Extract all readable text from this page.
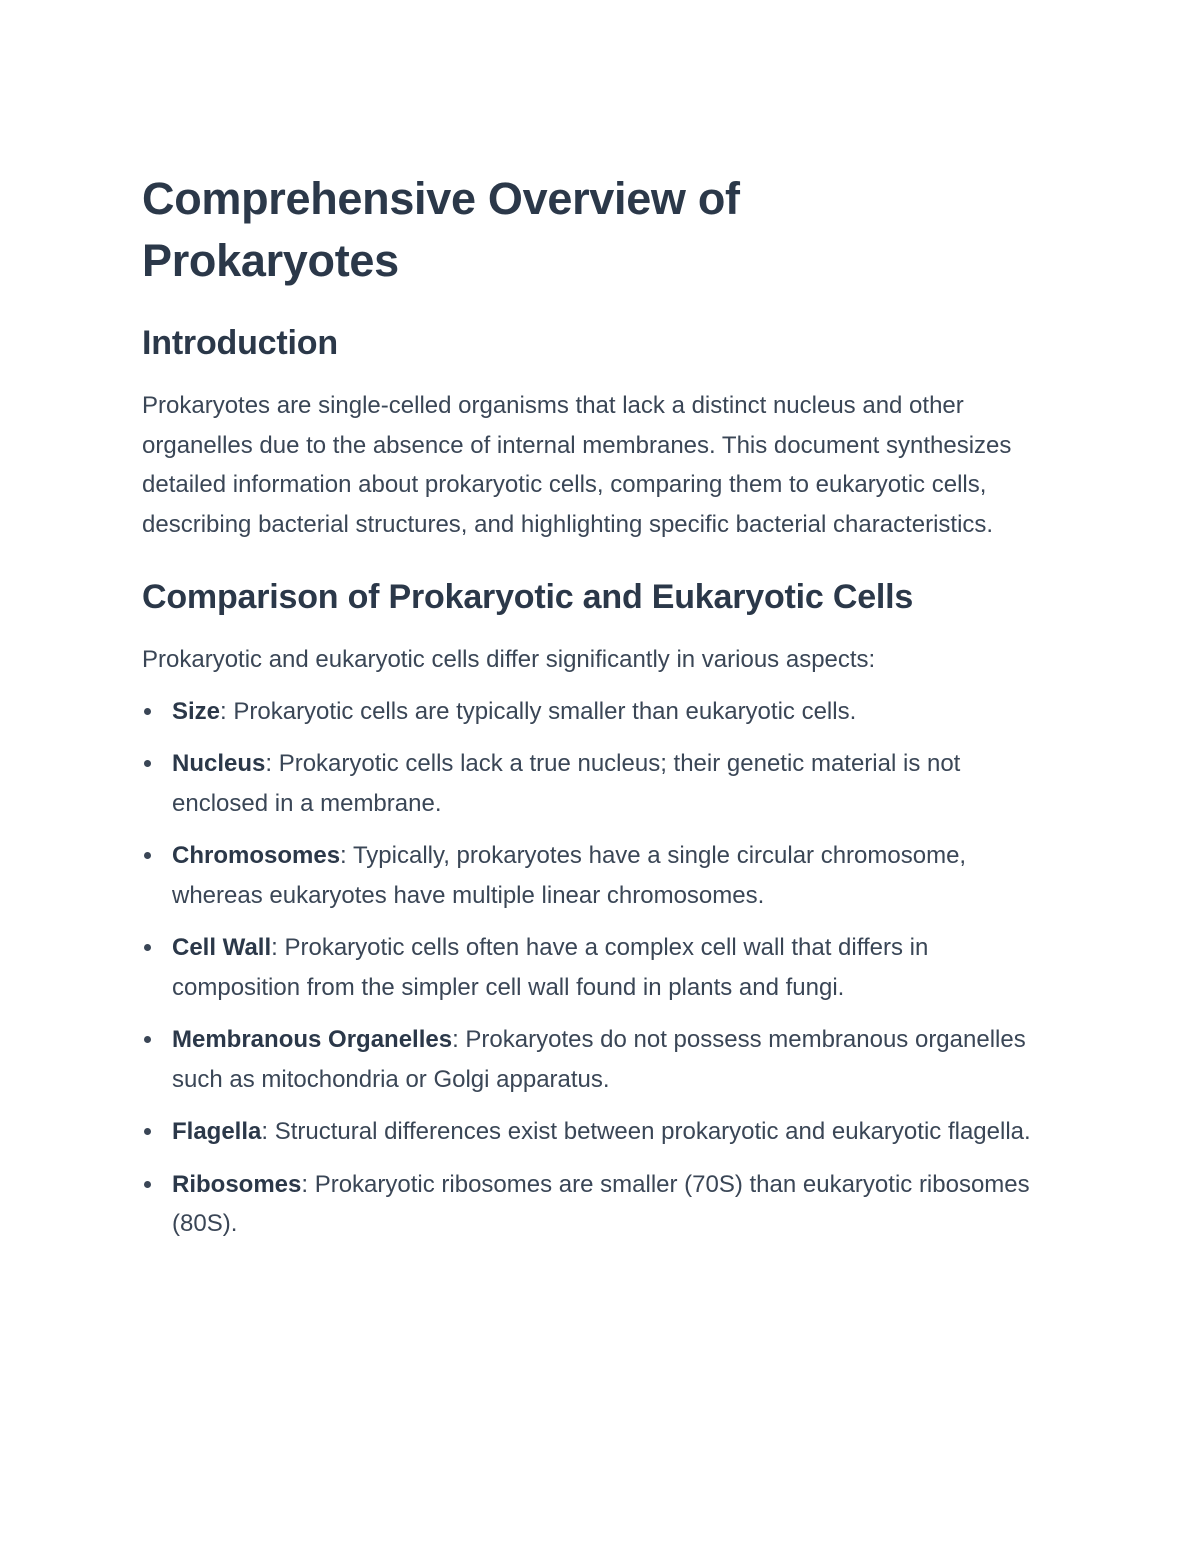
Comprehensive Overview of Prokaryotes
Introduction

Prokaryotes are single-celled organisms that lack a distinct nucleus and other organelles due to the absence of internal membranes. This document synthesizes detailed information about prokaryotic cells, comparing them to eukaryotic cells, describing bacterial structures, and highlighting specific bacterial characteristics.

Comparison of Prokaryotic and Eukaryotic Cells

Prokaryotic and eukaryotic cells differ significantly in various aspects:

Size: Prokaryotic cells are typically smaller than eukaryotic cells.
Nucleus: Prokaryotic cells lack a true nucleus; their genetic material is not enclosed in a membrane.
Chromosomes: Typically, prokaryotes have a single circular chromosome, whereas eukaryotes have multiple linear chromosomes.
Cell Wall: Prokaryotic cells often have a complex cell wall that differs in composition from the simpler cell wall found in plants and fungi.
Membranous Organelles: Prokaryotes do not possess membranous organelles such as mitochondria or Golgi apparatus.
Flagella: Structural differences exist between prokaryotic and eukaryotic flagella.
Ribosomes: Prokaryotic ribosomes are smaller (70S) than eukaryotic ribosomes (80S).
